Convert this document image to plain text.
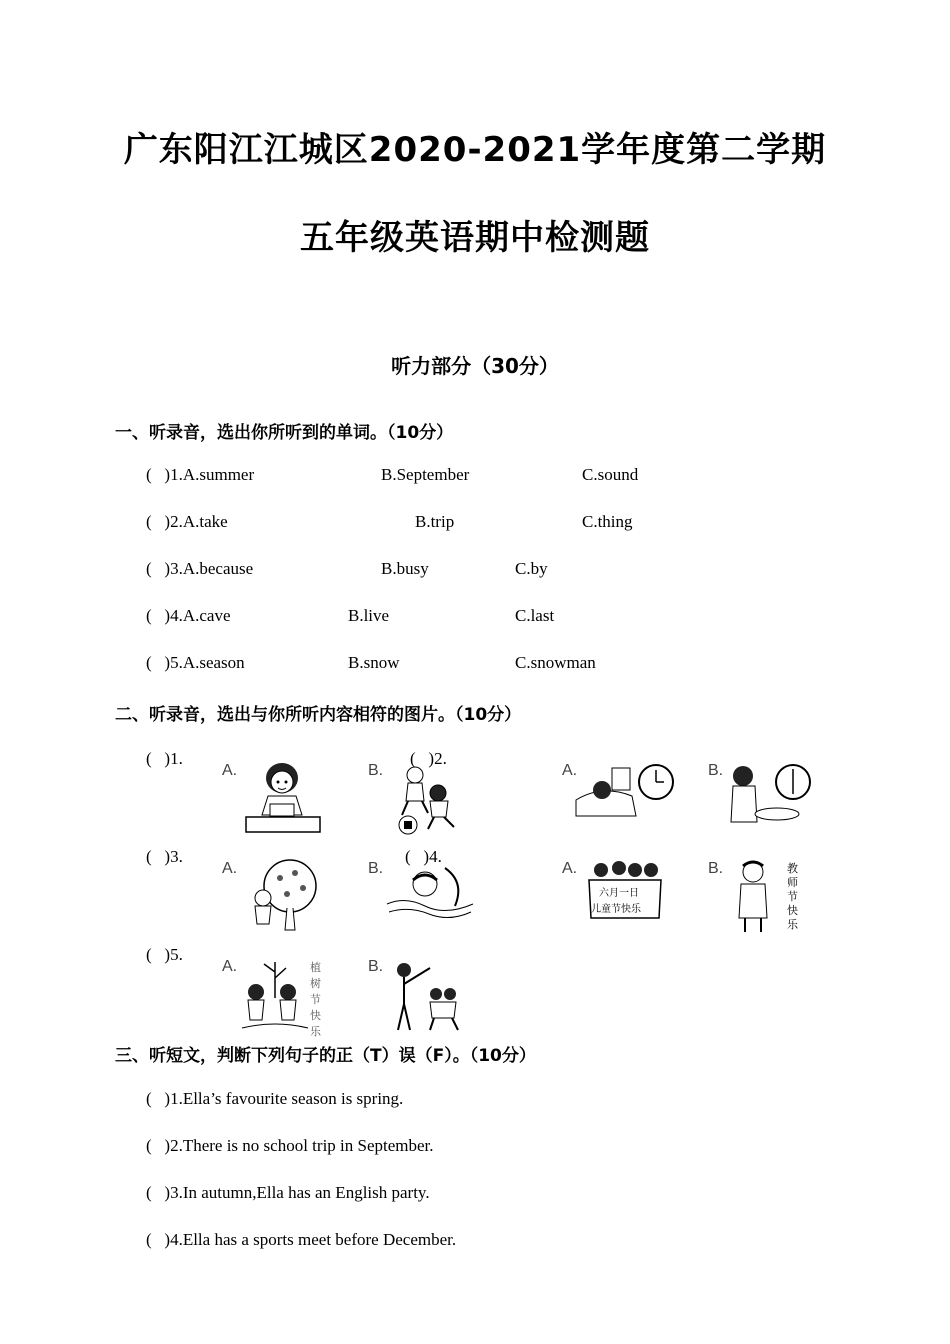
广东阳江江城区2020-2021学年度第二学期
五年级英语期中检测题
听力部分（30分）
一、听录音，选出你所听到的单词。（10分）
(   )1.A.summer	B.September	C.sound
(   )2.A.take	B.trip	C.thing
(   )3.A.because	B.busy	C.by
(   )4.A.cave	B.live	C.last
(   )5.A.season	B.snow	C.snowman
二、听录音，选出与你所听内容相符的图片。（10分）
(   )1.
A.	B.
(   )2.
A.	B.
(   )3.
A.	B.
(   )4.
A.
六月一日
儿童节快乐
B.	教师节快乐
(   )5.
A.	植树节快乐
B.
三、听短文，判断下列句子的正（T）误（F）。（10分）
(   )1.Ella’s favourite season is spring.
(   )2.There is no school trip in September.
(   )3.In autumn,Ella has an English party.
(   )4.Ella has a sports meet before December.
